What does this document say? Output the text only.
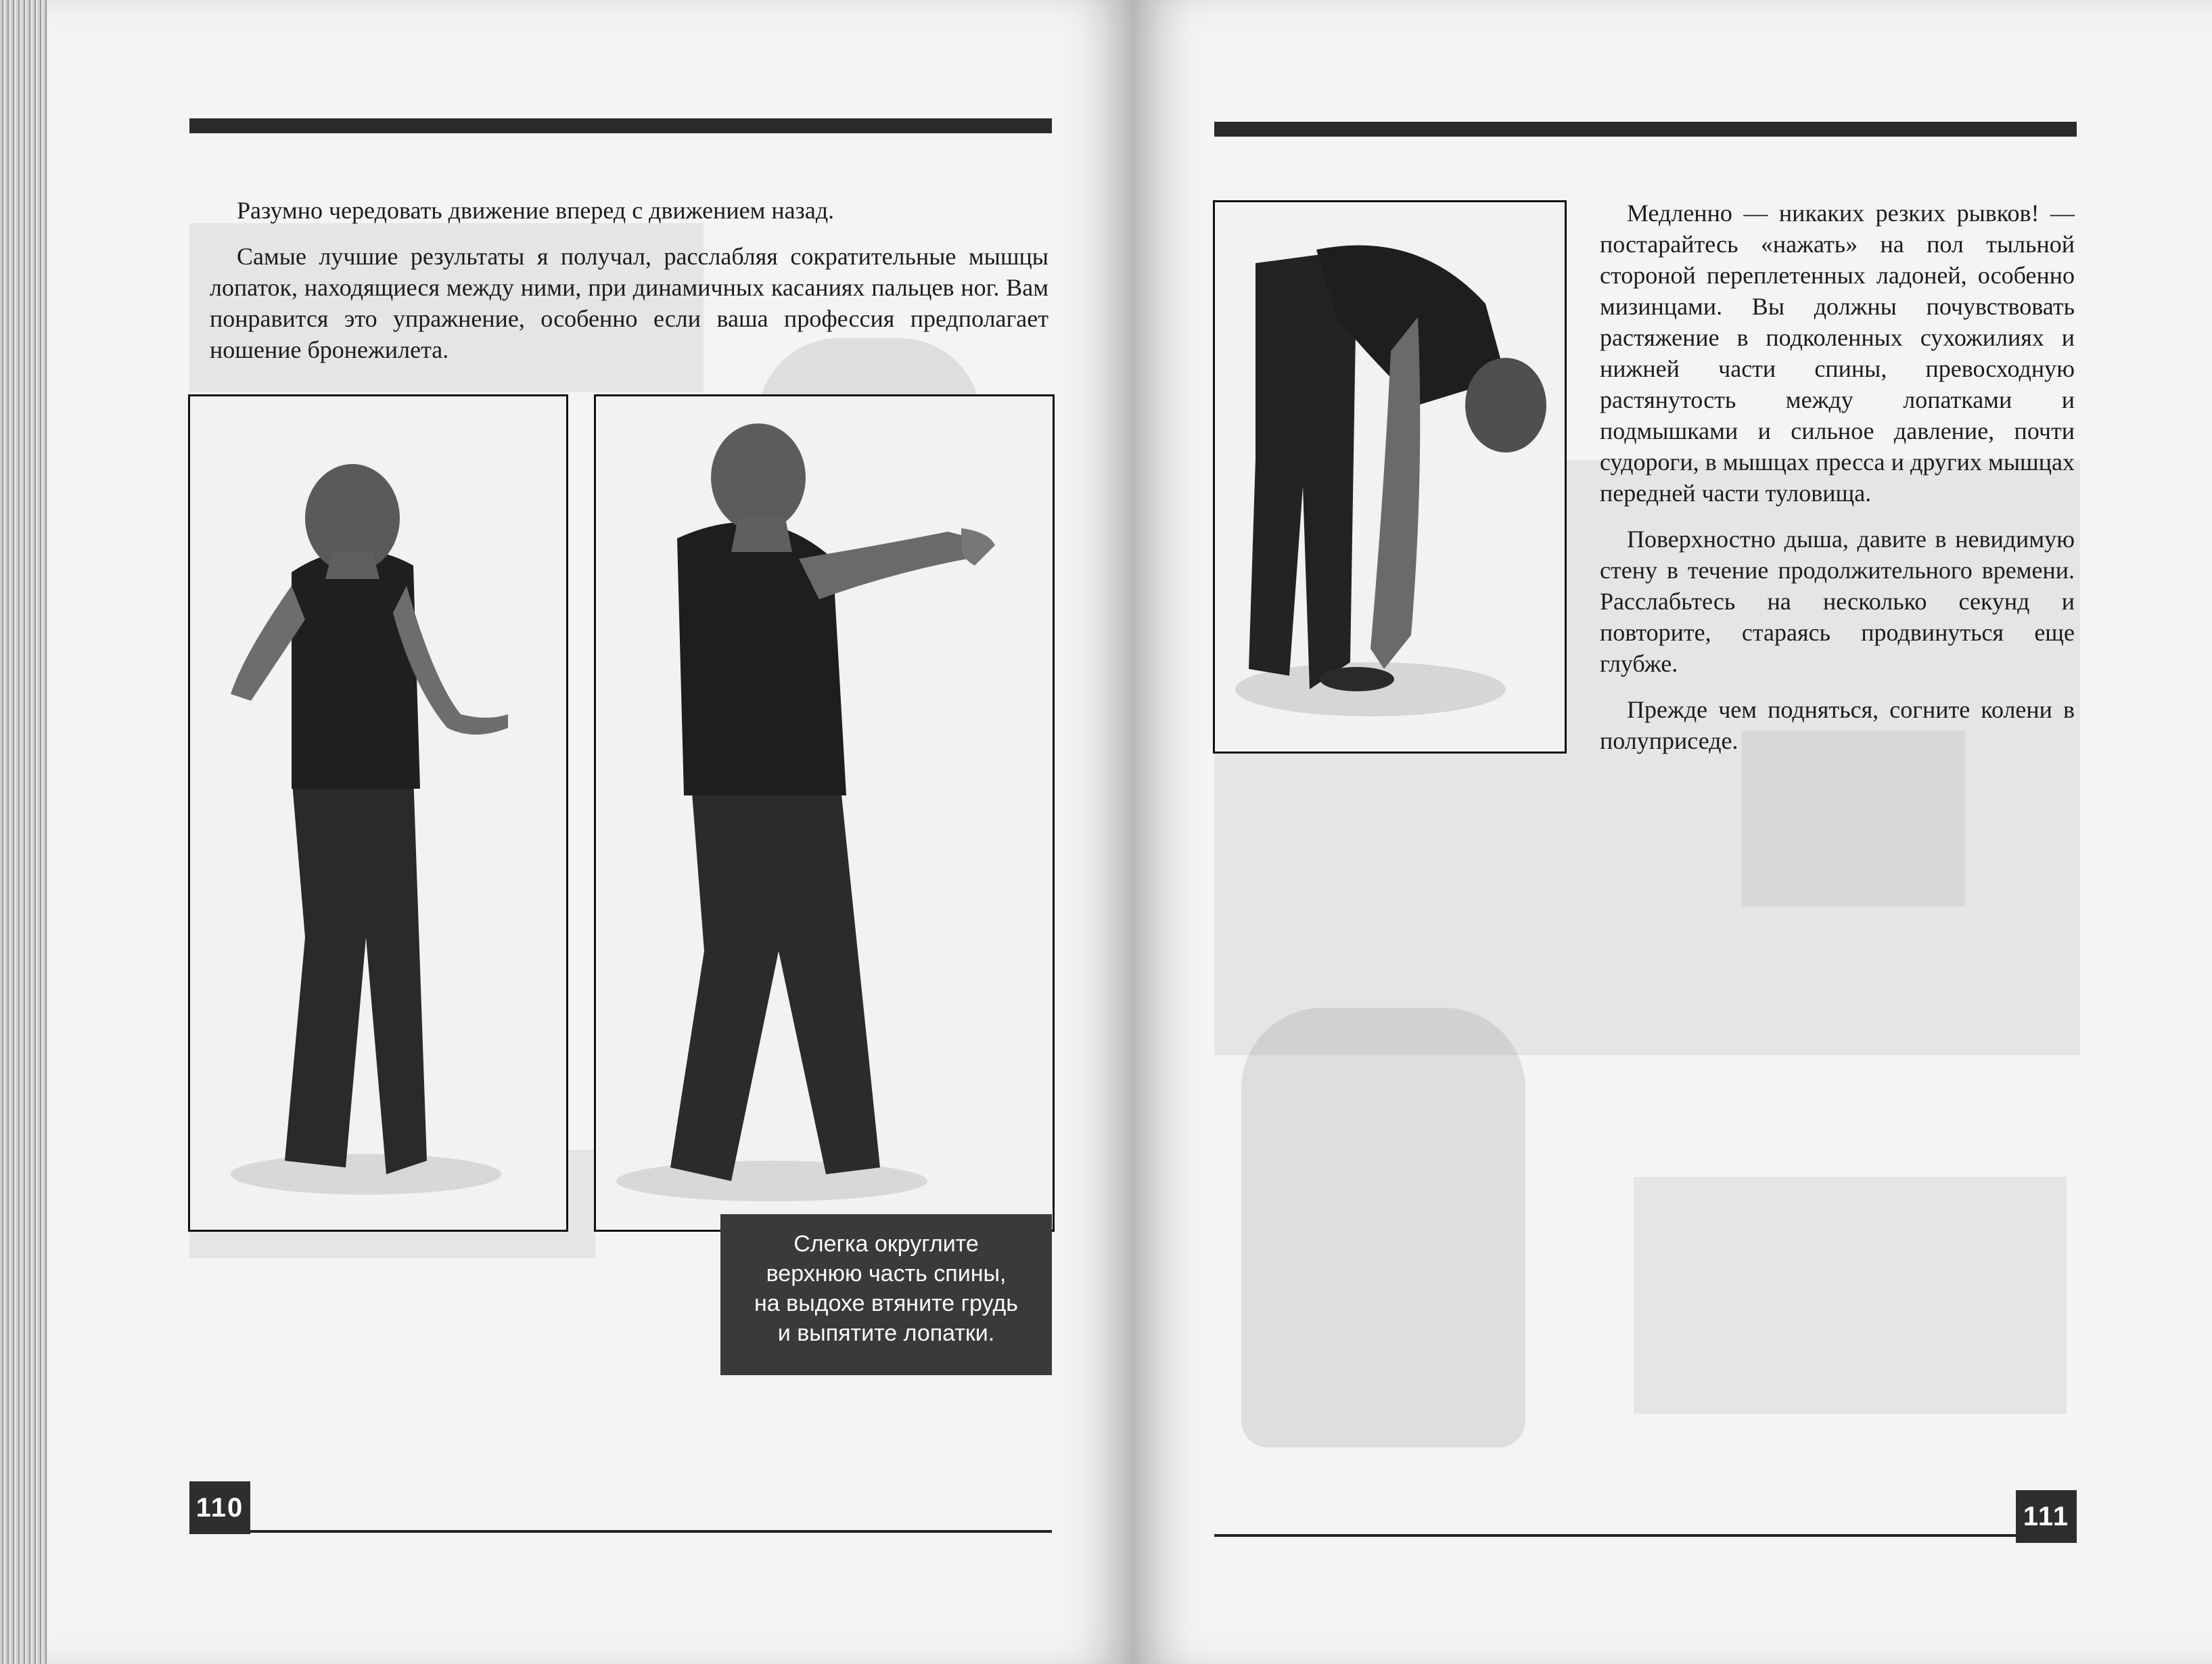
Разумно чередовать движение вперед с движением назад.

Самые лучшие результаты я получал, расслабляя сократительные мышцы лопаток, находящиеся между ними, при динамичных касаниях пальцев ног. Вам понравится это упражнение, особенно если ваша профессия предполагает ношение бронежилета.

Слегка округлите
верхнюю часть спины,
на выдохе втяните грудь
и выпятите лопатки.
110

Медленно — никаких резких рывков! — постарайтесь «нажать» на пол тыльной стороной переплетенных ладоней, особенно мизинцами. Вы должны почувствовать растяжение в подколенных сухожилиях и нижней части спины, превосходную растянутость между лопатками и подмышками и сильное давление, почти судороги, в мышцах пресса и других мышцах передней части туловища.

Поверхностно дыша, давите в невидимую стену в течение продолжительного времени. Расслабьтесь на несколько секунд и повторите, стараясь продвинуться еще глубже.

Прежде чем подняться, согните колени в полуприседе.

111
